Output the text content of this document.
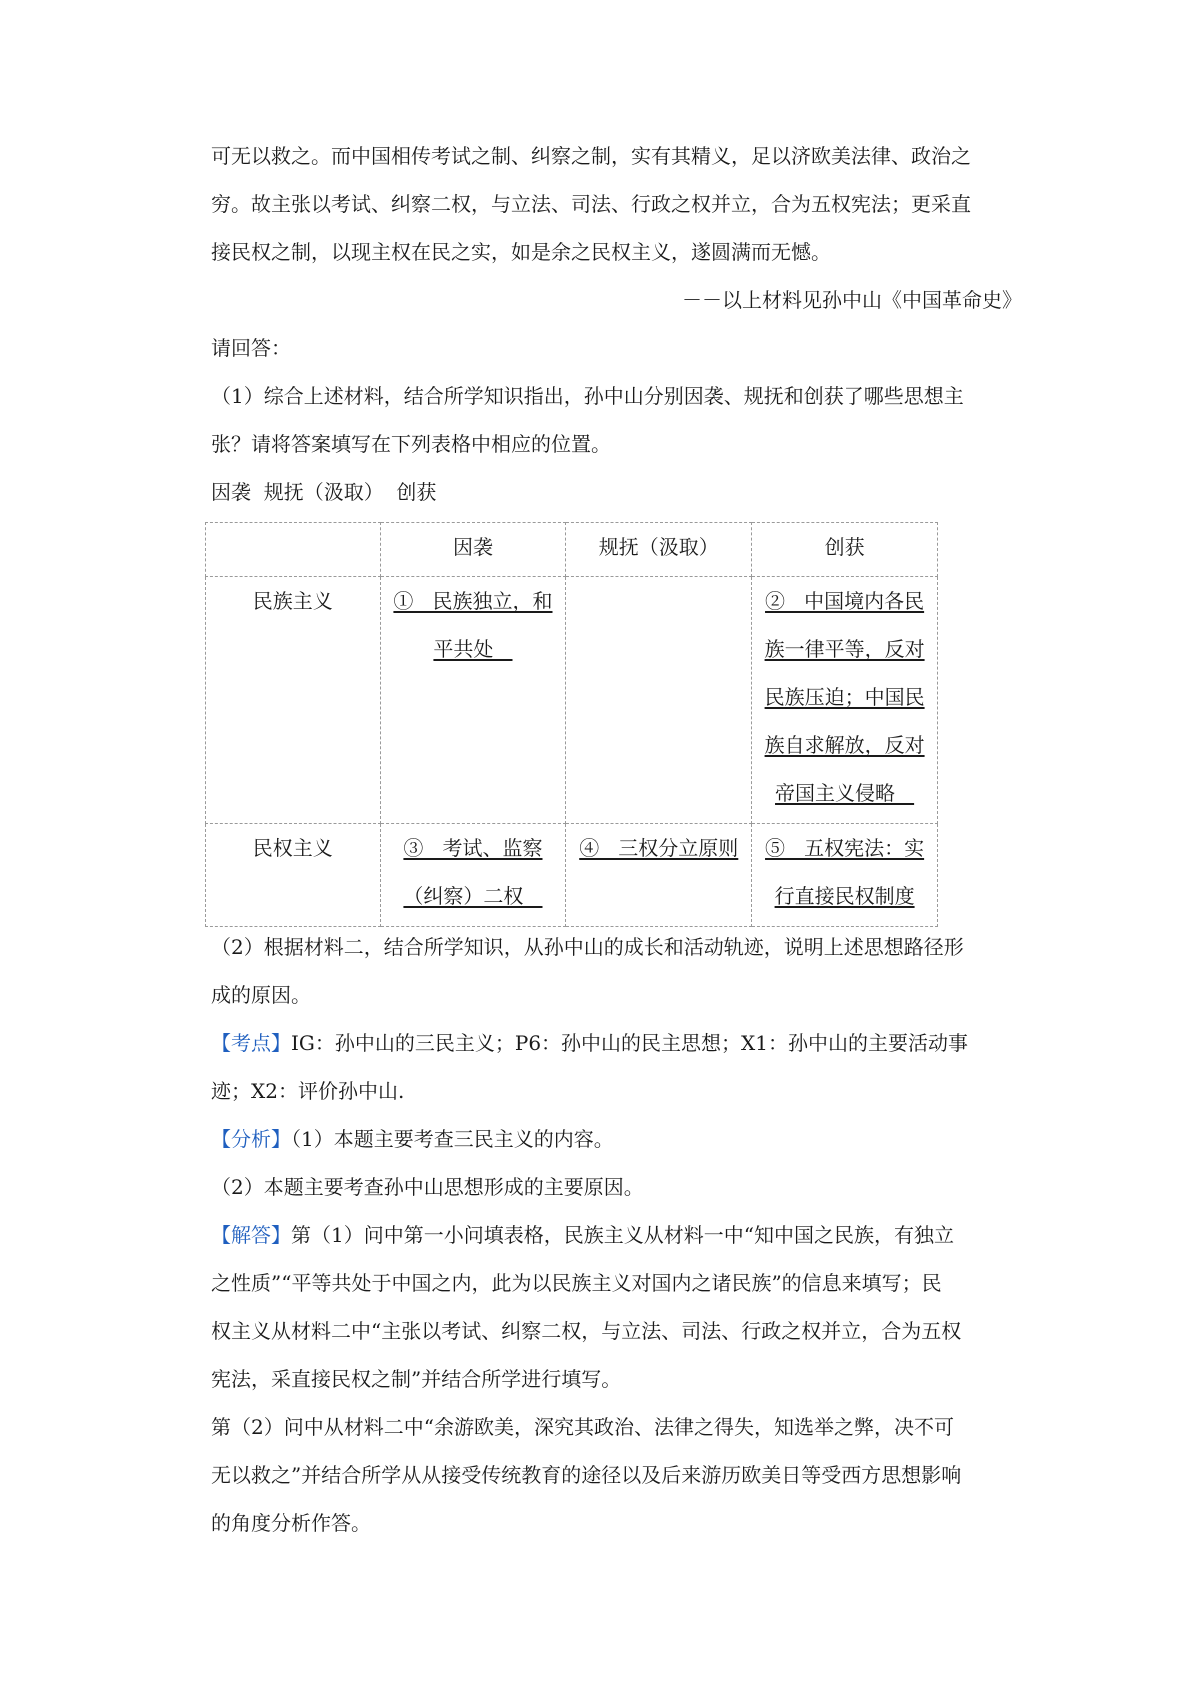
可无以救之。而中国相传考试之制、纠察之制，实有其精义，足以济欧美法律、政治之
穷。故主张以考试、纠察二权，与立法、司法、行政之权并立，合为五权宪法；更采直
接民权之制，以现主权在民之实，如是余之民权主义，遂圆满而无憾。
－－以上材料见孙中山《中国革命史》
请回答：
（1）综合上述材料，结合所学知识指出，孙中山分别因袭、规抚和创获了哪些思想主
张？请将答案填写在下列表格中相应的位置。
因袭  规抚（汲取）  创获
	因袭	规抚（汲取）	创获
民族主义	①   民族独立，和
平共处		②   中国境内各民
族一律平等，反对
民族压迫；中国民
族自求解放，反对
帝国主义侵略

民权主义	③   考试、监察
（纠察）二权	④   三权分立原则	⑤   五权宪法：实
行直接民权制度
（2）根据材料二，结合所学知识，从孙中山的成长和活动轨迹，说明上述思想路径形
成的原因。
【考点】IG：孙中山的三民主义；P6：孙中山的民主思想；X1：孙中山的主要活动事
迹；X2：评价孙中山.
【分析】（1）本题主要考查三民主义的内容。
（2）本题主要考查孙中山思想形成的主要原因。
【解答】第（1）问中第一小问填表格，民族主义从材料一中“知中国之民族，有独立
之性质”“平等共处于中国之内，此为以民族主义对国内之诸民族”的信息来填写；民
权主义从材料二中“主张以考试、纠察二权，与立法、司法、行政之权并立，合为五权
宪法，采直接民权之制”并结合所学进行填写。
第（2）问中从材料二中“余游欧美，深究其政治、法律之得失，知选举之弊，决不可
无以救之”并结合所学从从接受传统教育的途径以及后来游历欧美日等受西方思想影响
的角度分析作答。
